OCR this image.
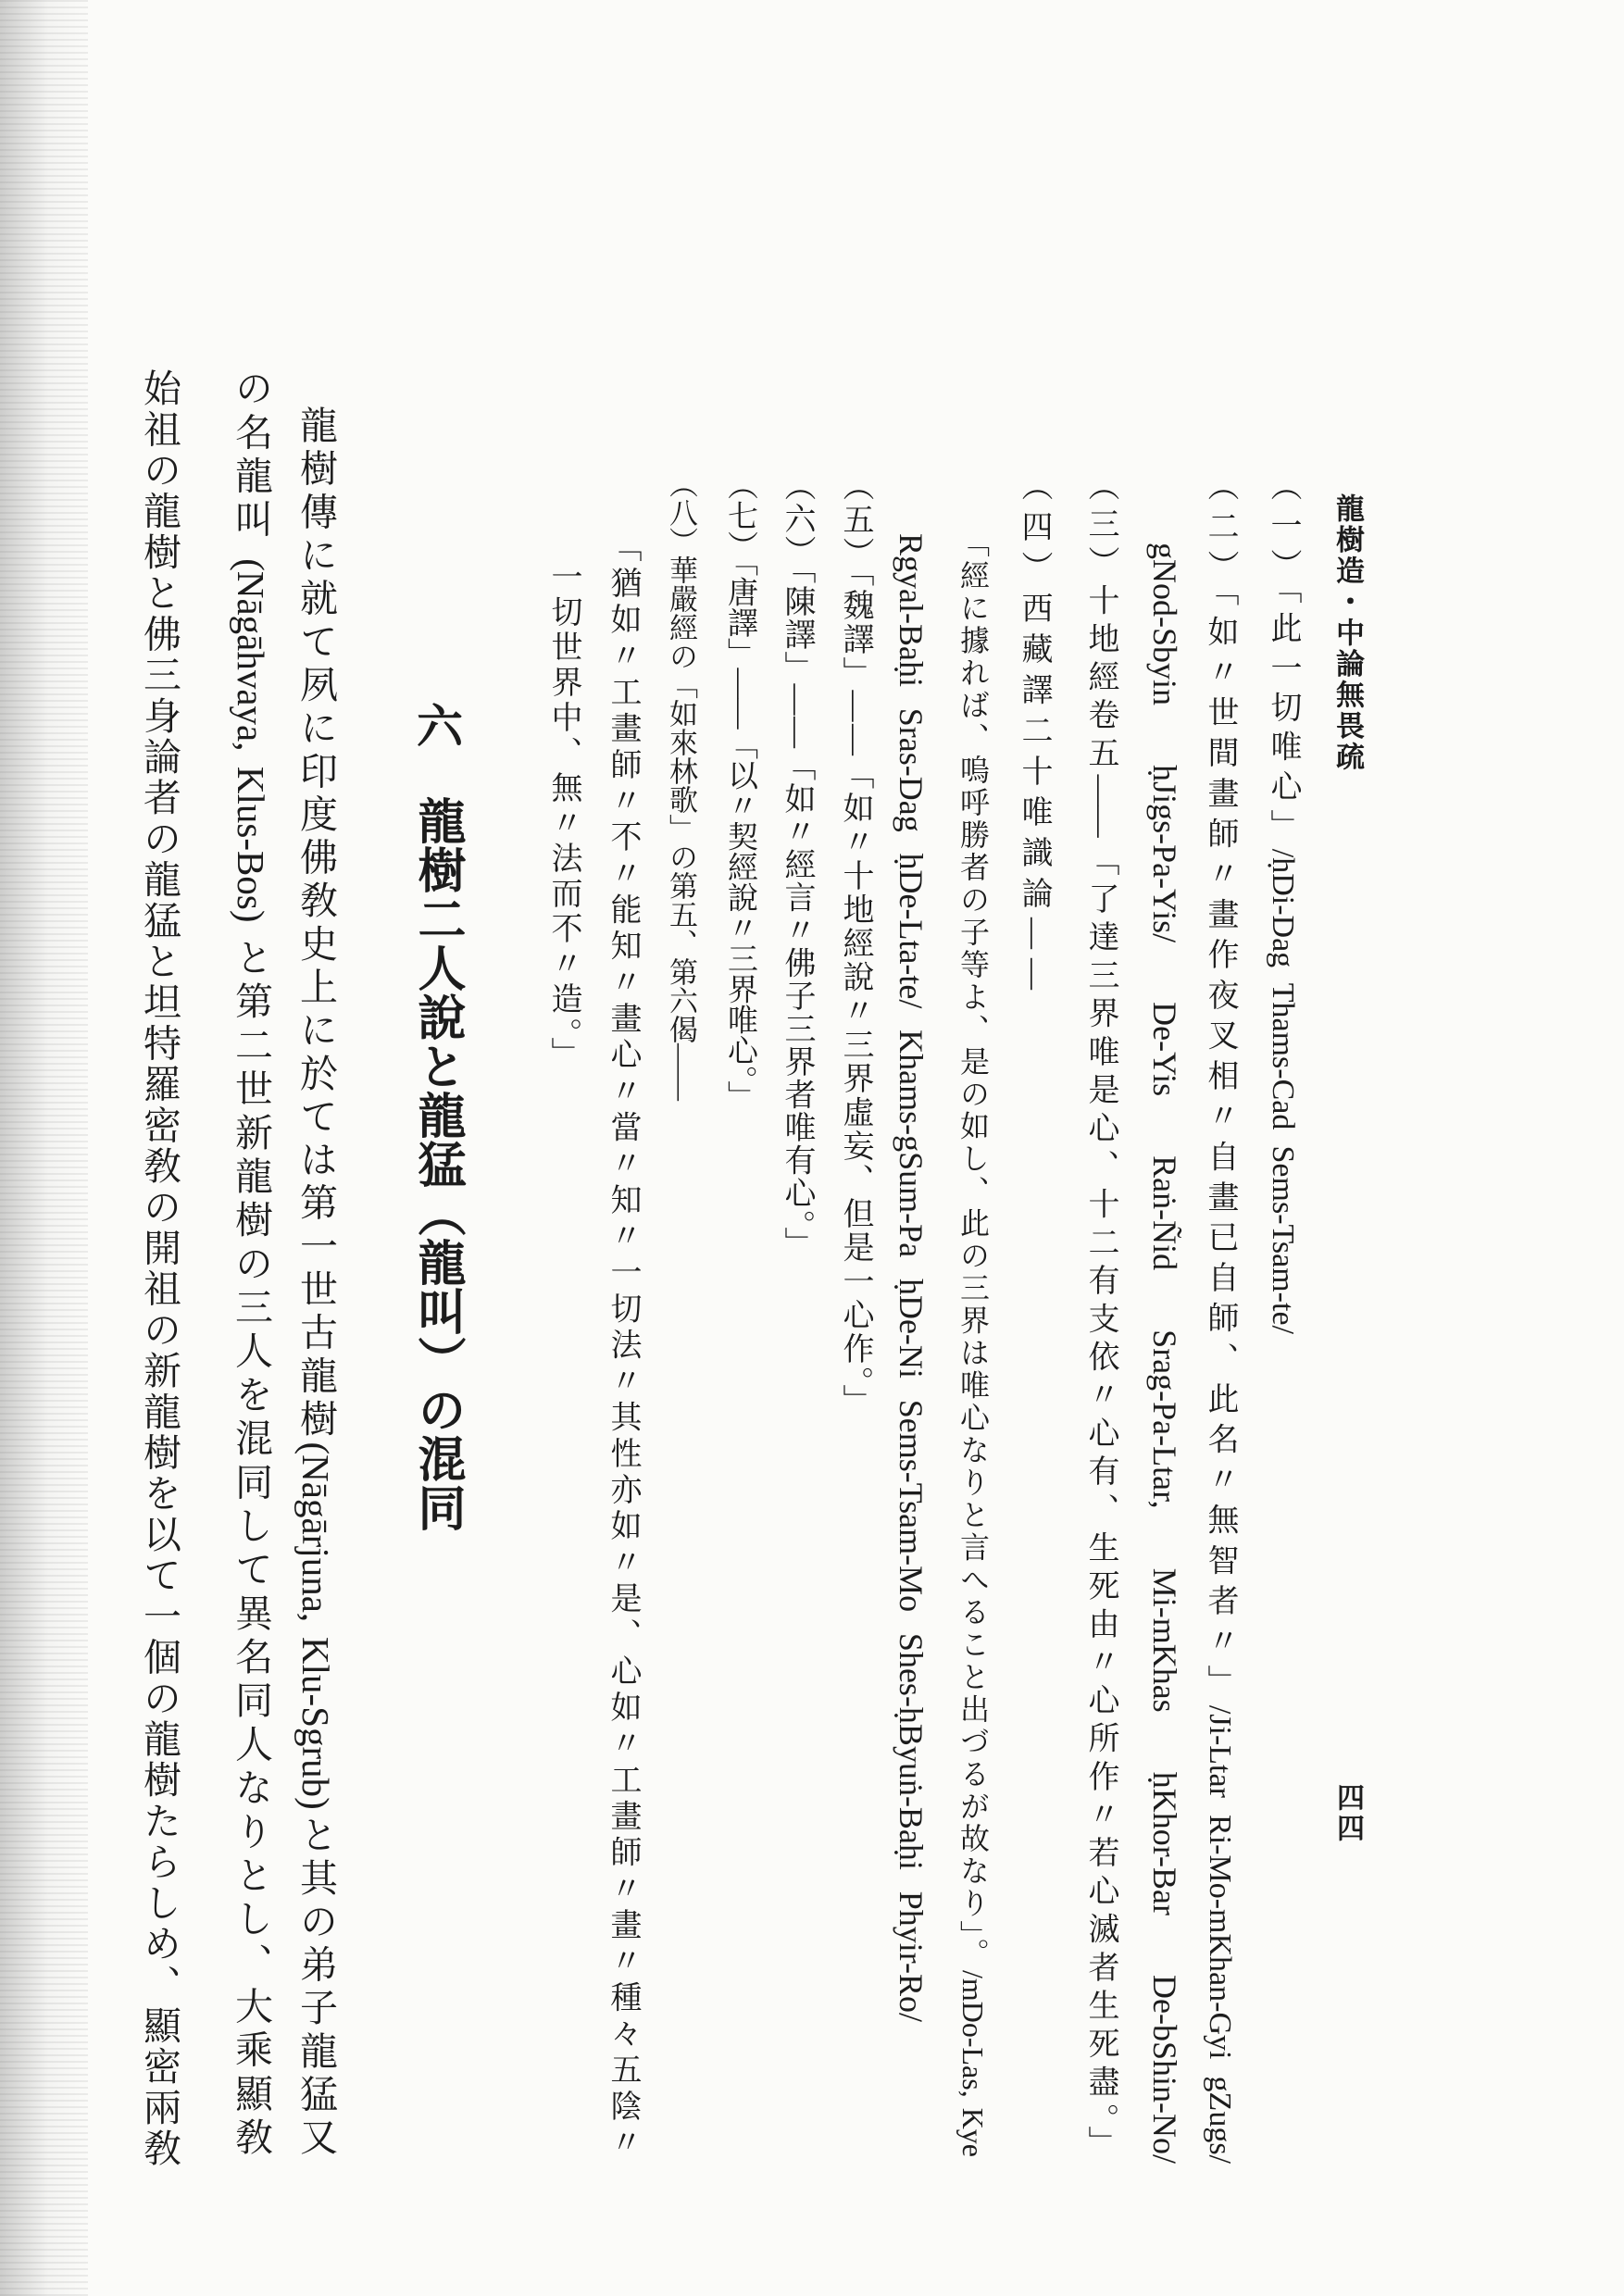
龍樹造・中論無畏疏
四四
（一）「此一切唯心」/ḥDi-Dag Thams-Cad Sems-Tsam-te/
（二）「如〃世間畫師〃畫作夜叉相〃自畫已自師、此名〃無智者〃」/Ji-Ltar Ri-Mo-mKhan-Gyi gZugs/
gNod-Sbyin ḥJigs-Pa-Yis/ De-Yis Raṅ-Ñid Srag-Pa-Ltar, Mi-mKhas ḥKhor-Bar De-bShin-No/
（三）十地經卷五——「了達三界唯是心、十二有支依〃心有、生死由〃心所作〃若心滅者生死盡。」
（四）西藏譯二十唯識論——
「經に據れば、嗚呼勝者の子等よ、是の如し、此の三界は唯心なりと言へること出づるが故なり」。/mDo-Las, Kye
Rgyal-Baḥi Sras-Dag ḥDe-Lta-te/ Khams-gSum-Pa ḥDe-Ni Sems-Tsam-Mo Shes-ḥByuṅ-Baḥi Phyir-Ro/
（五）「魏譯」——「如〃十地經說〃三界虛妄、但是一心作。」
（六）「陳譯」——「如〃經言〃佛子三界者唯有心。」
（七）「唐譯」——「以〃契經說〃三界唯心。」
（八）華嚴經の「如來林歌」の第五、第六偈——
「猶如〃工畫師〃不〃能知〃畫心〃當〃知〃一切法〃其性亦如〃是、心如〃工畫師〃畫〃種々五陰〃
一切世界中、無〃法而不〃造。」
六
龍樹二人說と龍猛（龍叫）の混同
龍樹傳に就て夙に印度佛敎史上に於ては第一世古龍樹(Nāgārjuna, Klu-Sgrub)と其の弟子龍猛又
の名龍叫 (Nāgāhvaya, Klus-Bos) と第二世新龍樹の三人を混同して異名同人なりとし、大乘顯敎
始祖の龍樹と佛三身論者の龍猛と坦特羅密敎の開祖の新龍樹を以て一個の龍樹たらしめ、顯密兩敎
